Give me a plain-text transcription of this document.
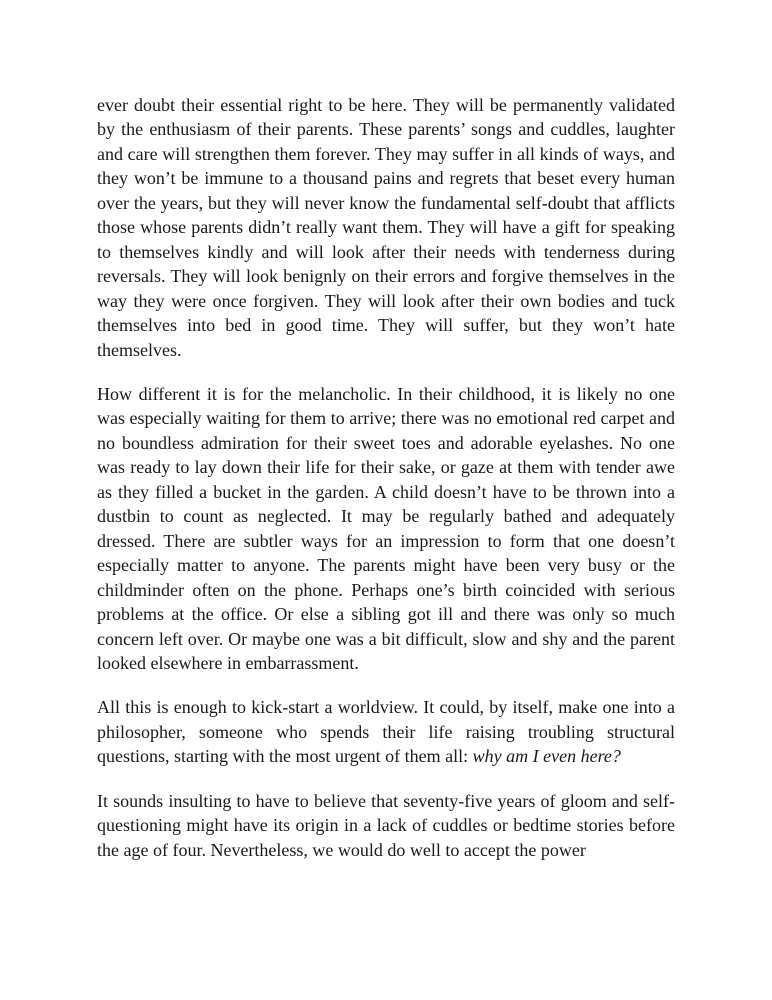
ever doubt their essential right to be here. They will be permanently validated by the enthusiasm of their parents. These parents’ songs and cuddles, laughter and care will strengthen them forever. They may suffer in all kinds of ways, and they won’t be immune to a thousand pains and regrets that beset every human over the years, but they will never know the fundamental self-doubt that afflicts those whose parents didn’t really want them. They will have a gift for speaking to themselves kindly and will look after their needs with tenderness during reversals. They will look benignly on their errors and forgive themselves in the way they were once forgiven. They will look after their own bodies and tuck themselves into bed in good time. They will suffer, but they won’t hate themselves.

How different it is for the melancholic. In their childhood, it is likely no one was especially waiting for them to arrive; there was no emotional red carpet and no boundless admiration for their sweet toes and adorable eyelashes. No one was ready to lay down their life for their sake, or gaze at them with tender awe as they filled a bucket in the garden. A child doesn’t have to be thrown into a dustbin to count as neglected. It may be regularly bathed and adequately dressed. There are subtler ways for an impression to form that one doesn’t especially matter to anyone. The parents might have been very busy or the childminder often on the phone. Perhaps one’s birth coincided with serious problems at the office. Or else a sibling got ill and there was only so much concern left over. Or maybe one was a bit difficult, slow and shy and the parent looked elsewhere in embarrassment.

All this is enough to kick-start a worldview. It could, by itself, make one into a philosopher, someone who spends their life raising troubling structural questions, starting with the most urgent of them all: why am I even here?

It sounds insulting to have to believe that seventy-five years of gloom and self-questioning might have its origin in a lack of cuddles or bedtime stories before the age of four. Nevertheless, we would do well to accept the power
